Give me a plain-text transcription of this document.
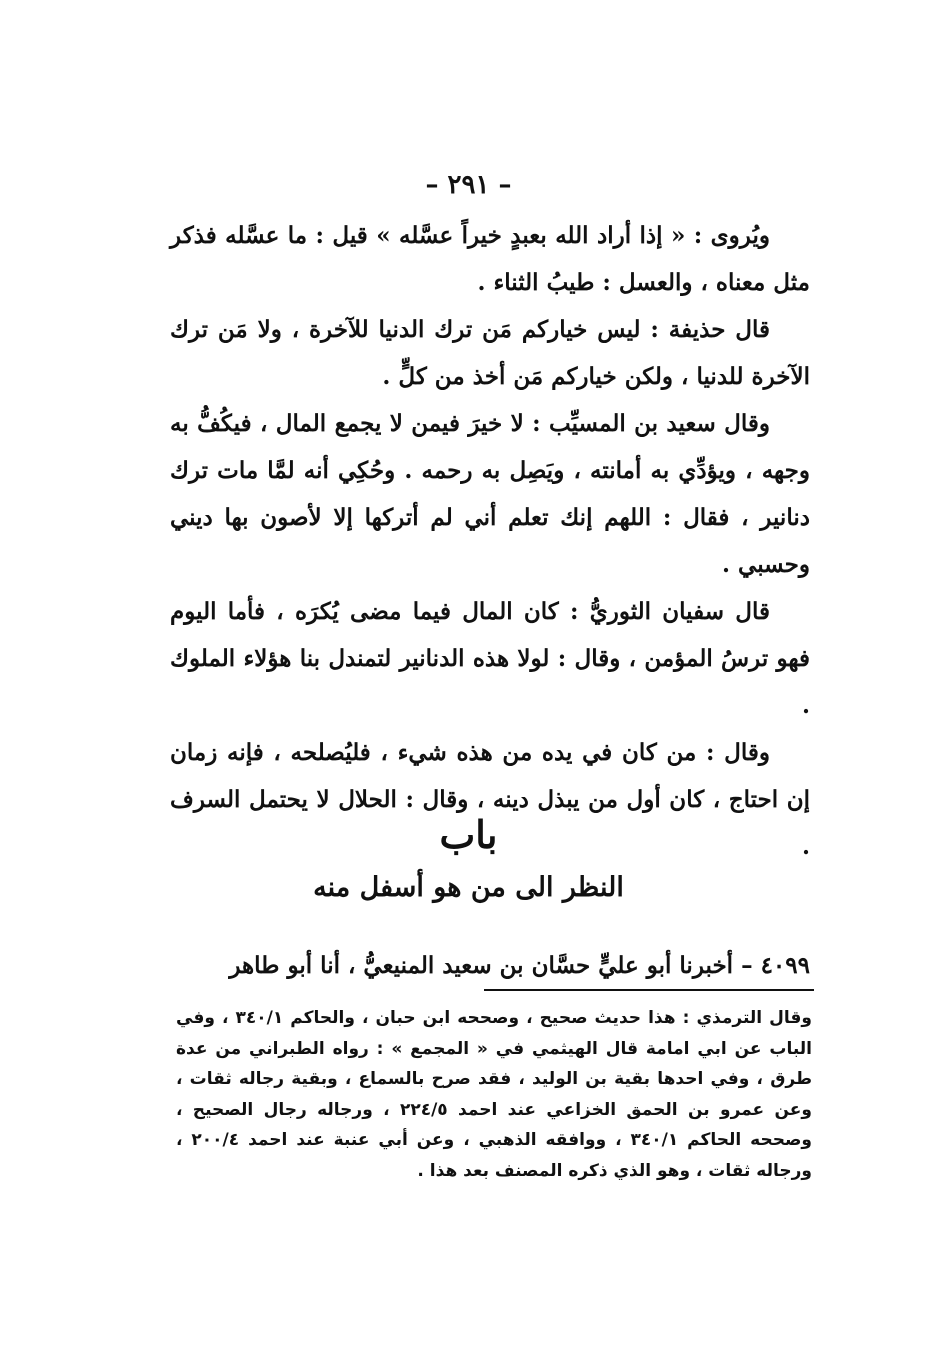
– ٢٩١ –

ويُروى : « إذا أراد الله بعبدٍ خيراً عسَّله » قيل : ما عسَّله فذكر مثل معناه ، والعسل : طيبُ الثناء .

قال حذيفة : ليس خياركم مَن ترك الدنيا للآخرة ، ولا مَن ترك الآخرة للدنيا ، ولكن خياركم مَن أخذ من كلٍّ .

وقال سعيد بن المسيِّب : لا خيرَ فيمن لا يجمع المال ، فيكُفُّ به وجهه ، ويؤدِّي به أمانته ، ويَصِل به رحمه . وحُكِي أنه لمَّا مات ترك دنانير ، فقال : اللهم إنك تعلم أني لم أتركها إلا لأصون بها ديني وحسبي .

قال سفيان الثوريُّ : كان المال فيما مضى يُكرَه ، فأما اليوم فهو ترسُ المؤمن ، وقال : لولا هذه الدنانير لتمندل بنا هؤلاء الملوك .

وقال : من كان في يده من هذه شيء ، فليُصلحه ، فإنه زمان إن احتاج ، كان أول من يبذل دينه ، وقال : الحلال لا يحتمل السرف .

باب
النظر الى من هو أسفل منه
٤٠٩٩ – أخبرنا أبو عليٍّ حسَّان بن سعيد المنيعيُّ ، أنا أبو طاهر

وقال الترمذي : هذا حديث صحيح ، وصححه ابن حبان ، والحاكم ٣٤٠/١ ، وفي الباب عن ابي امامة قال الهيثمي في « المجمع » : رواه الطبراني من عدة طرق ، وفي احدها بقية بن الوليد ، فقد صرح بالسماع ، وبقية رجاله ثقات ، وعن عمرو بن الحمق الخزاعي عند احمد ٢٢٤/٥ ، ورجاله رجال الصحيح ، وصححه الحاكم ٣٤٠/١ ، ووافقه الذهبي ، وعن أبي عنبة عند احمد ٢٠٠/٤ ، ورجاله ثقات ، وهو الذي ذكره المصنف بعد هذا .
